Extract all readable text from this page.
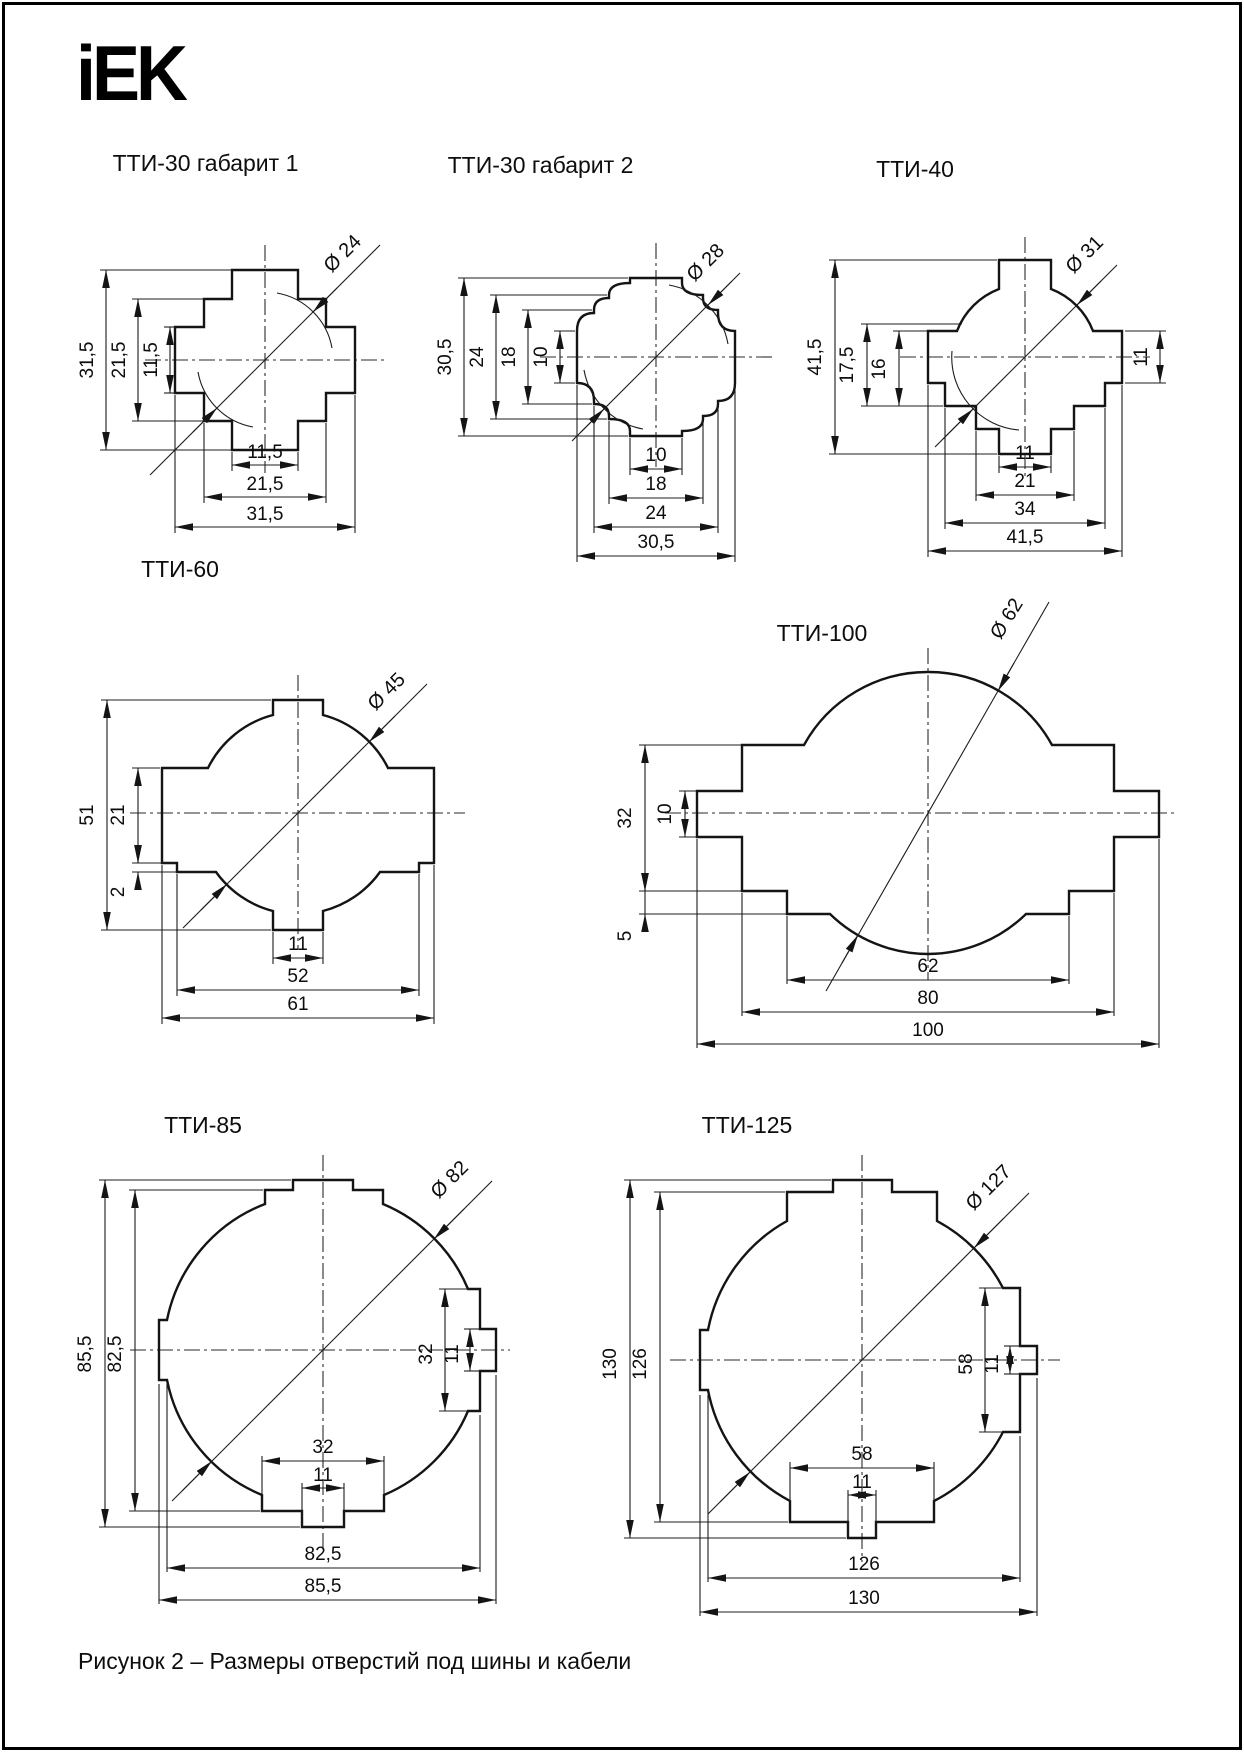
iEK
ТТИ-30 габарит 1	ТТИ-30 габарит 2	ТТИ-40
ТТИ-60
ТТИ-100
ТТИ-85	ТТИ-125
Ø 24
31,5 21,5 11,5
11,5
21,5
31,5
Ø 28
30,5 24 18 10
10
18
24
30,5
Ø 31
41,5 17,5 16
11
11
21
34
41,5
Ø 45
51 21
2
11
52
61
Ø 62
32 10
5
62
80
100
Ø 82
85,5 82,5	32 11
32
11
82,5
85,5
Ø 127
130 126	58 11
58
11
126
130
Рисунок 2 – Размеры отверстий под шины и кабели
